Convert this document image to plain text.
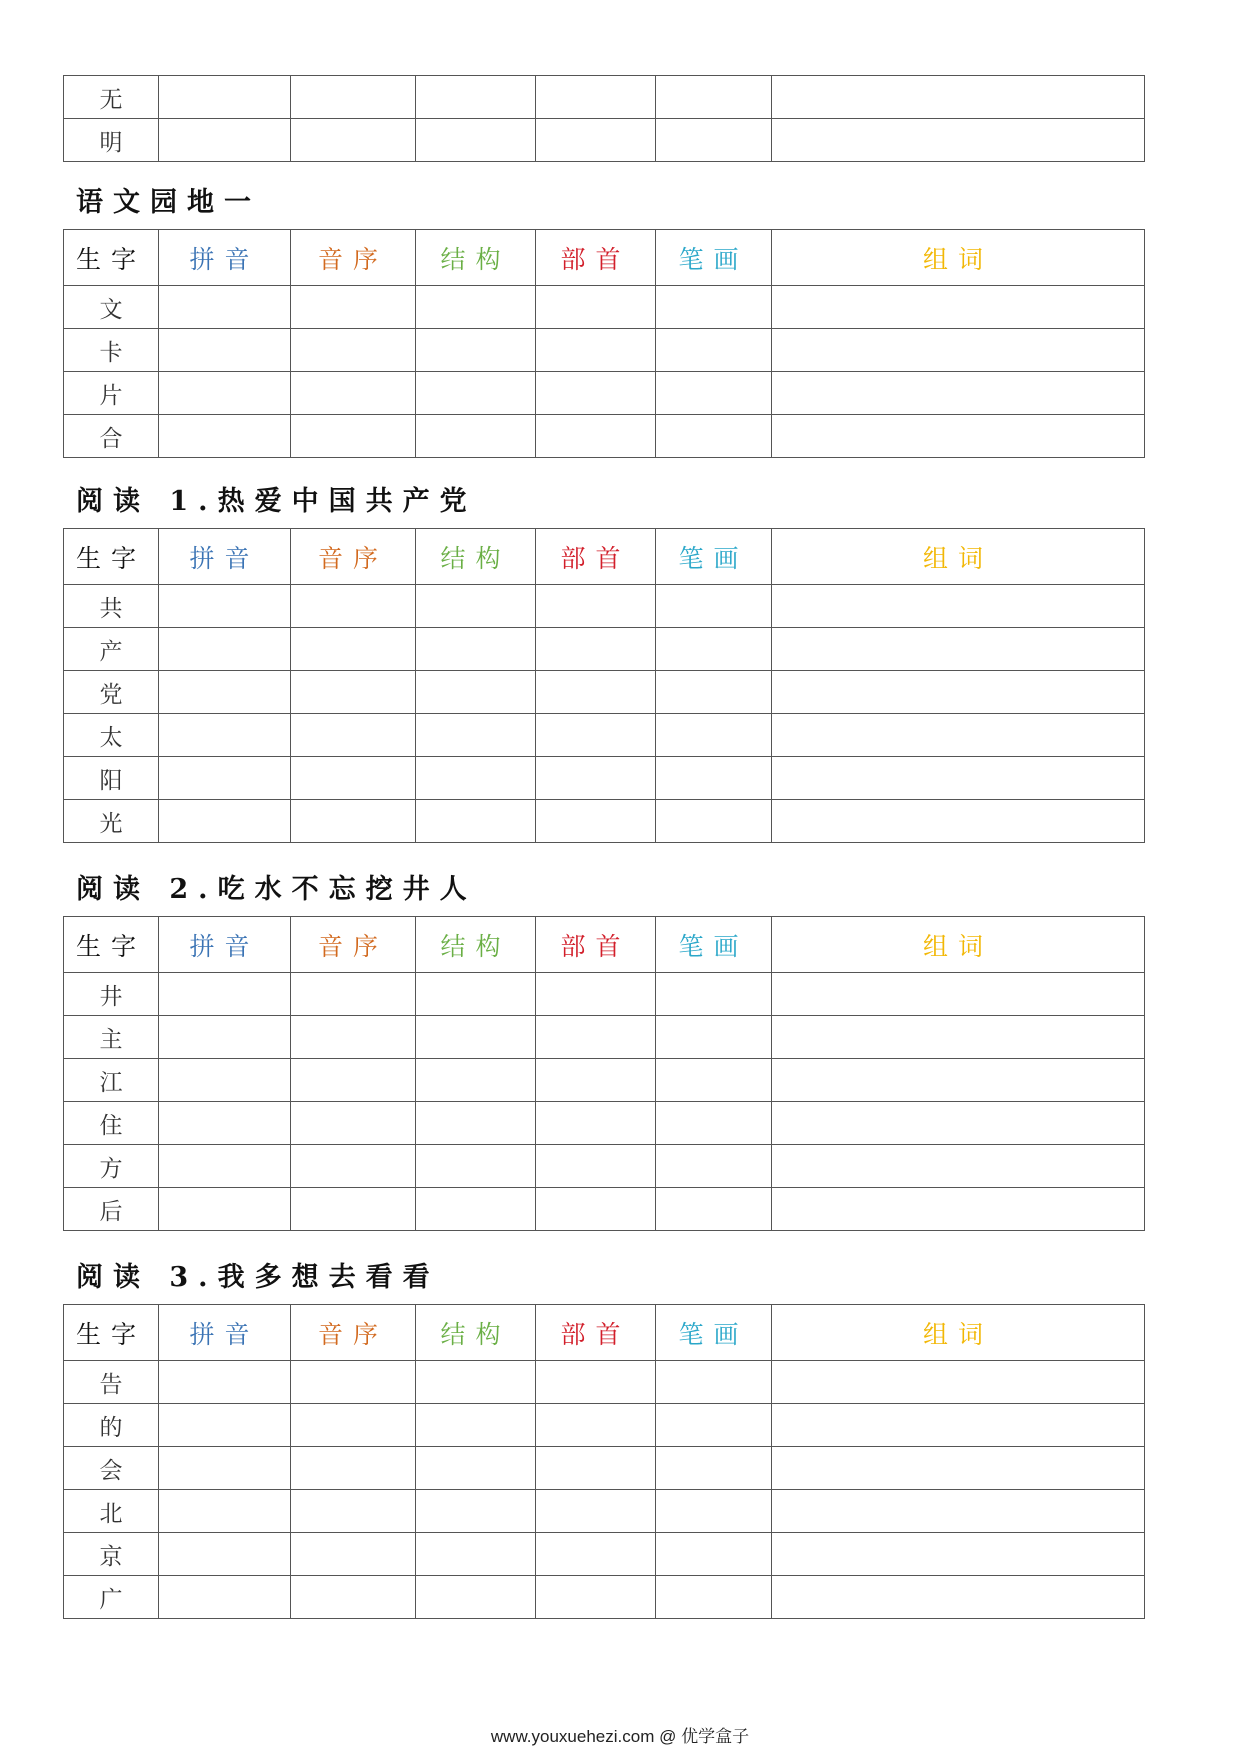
无						
明						
语文园地一
生字	拼音	音序	结构	部首	笔画	组词
文						
卡						
片						
合						
阅读 1.热爱中国共产党
生字	拼音	音序	结构	部首	笔画	组词
共						
产						
党						
太						
阳						
光						
阅读 2.吃水不忘挖井人
生字	拼音	音序	结构	部首	笔画	组词
井						
主						
江						
住						
方						
后						
阅读 3.我多想去看看
生字	拼音	音序	结构	部首	笔画	组词
告						
的						
会						
北						
京						
广						
www.youxuehezi.com @ 优学盒子
